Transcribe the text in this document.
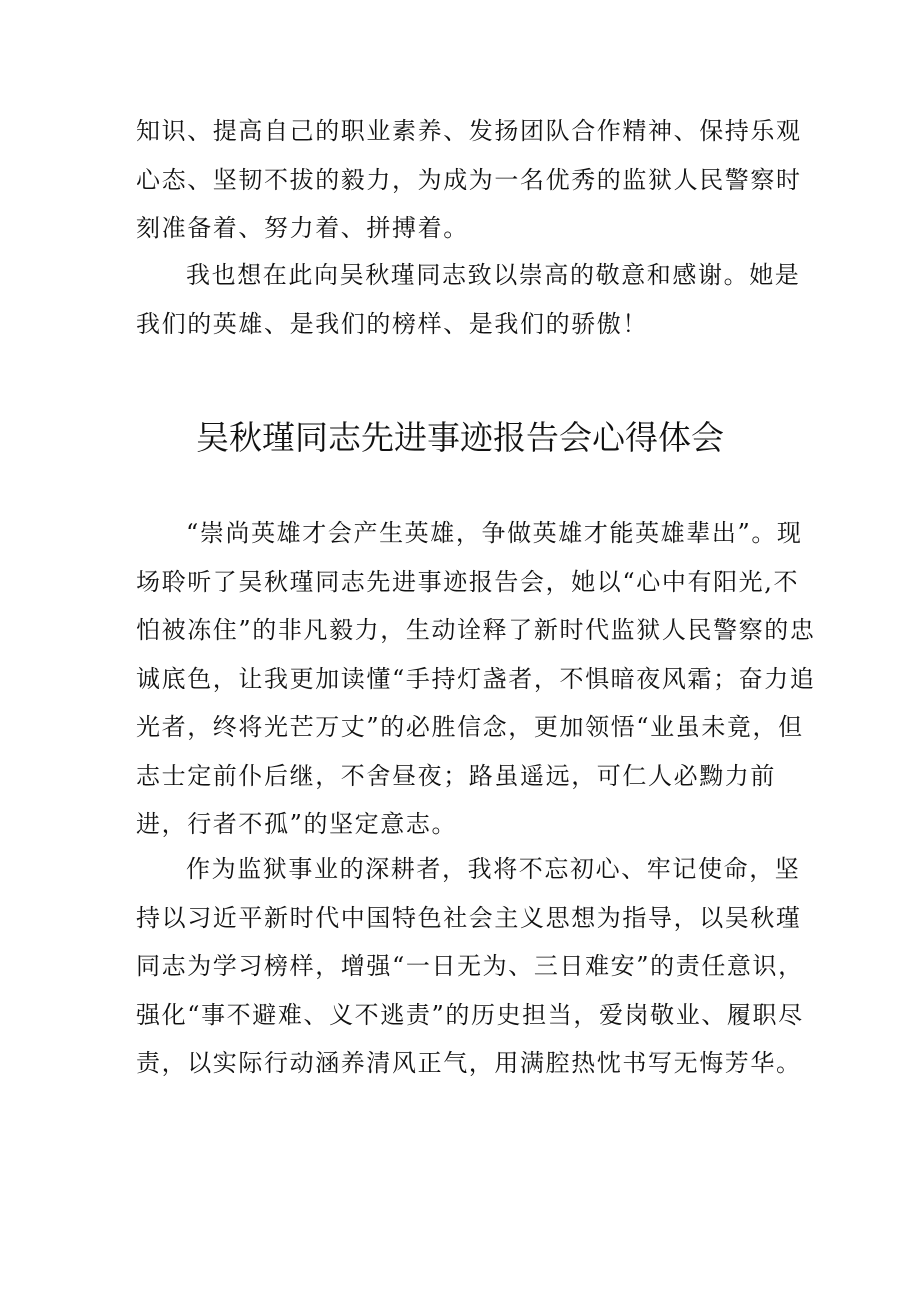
知识、提高自己的职业素养、发扬团队合作精神、保持乐观心态、坚韧不拔的毅力，为成为一名优秀的监狱人民警察时刻准备着、努力着、拼搏着。

我也想在此向吴秋瑾同志致以崇高的敬意和感谢。她是我们的英雄、是我们的榜样、是我们的骄傲！

吴秋瑾同志先进事迹报告会心得体会

“崇尚英雄才会产生英雄，争做英雄才能英雄辈出”。现场聆听了吴秋瑾同志先进事迹报告会，她以“心中有阳光,不怕被冻住”的非凡毅力，生动诠释了新时代监狱人民警察的忠诚底色，让我更加读懂“手持灯盏者，不惧暗夜风霜；奋力追光者，终将光芒万丈”的必胜信念，更加领悟“业虽未竟，但志士定前仆后继，不舍昼夜；路虽遥远，可仁人必黝力前进，行者不孤”的坚定意志。

作为监狱事业的深耕者，我将不忘初心、牢记使命，坚持以习近平新时代中国特色社会主义思想为指导，以吴秋瑾同志为学习榜样，增强“一日无为、三日难安”的责任意识，强化“事不避难、义不逃责”的历史担当，爱岗敬业、履职尽责，以实际行动涵养清风正气，用满腔热忱书写无悔芳华。
